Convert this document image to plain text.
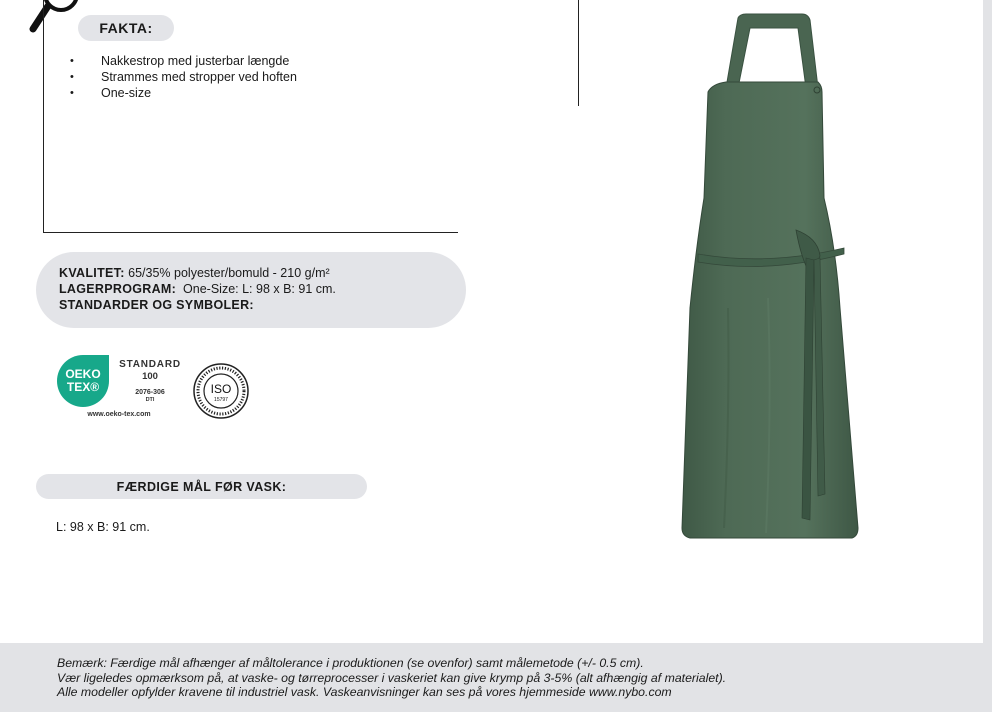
FAKTA:
• Nakkestrop med justerbar længde
• Strammes med stropper ved hoften
• One-size
KVALITET: 65/35% polyester/bomuld - 210 g/m²
LAGERPROGRAM:  One-Size: L: 98 x B: 91 cm.
STANDARDER OG SYMBOLER:
OEKO
TEX®
STANDARD
100
2076-306
DTI
www.oeko-tex.com
ISO
15797
FÆRDIGE MÅL FØR VASK:
L: 98 x B: 91 cm.
Bemærk: Færdige mål afhænger af måltolerance i produktionen (se ovenfor) samt målemetode (+/- 0.5 cm).
Vær ligeledes opmærksom på, at vaske- og tørreprocesser i vaskeriet kan give krymp på 3-5% (alt afhængig af materialet).
Alle modeller opfylder kravene til industriel vask. Vaskeanvisninger kan ses på vores hjemmeside www.nybo.com
